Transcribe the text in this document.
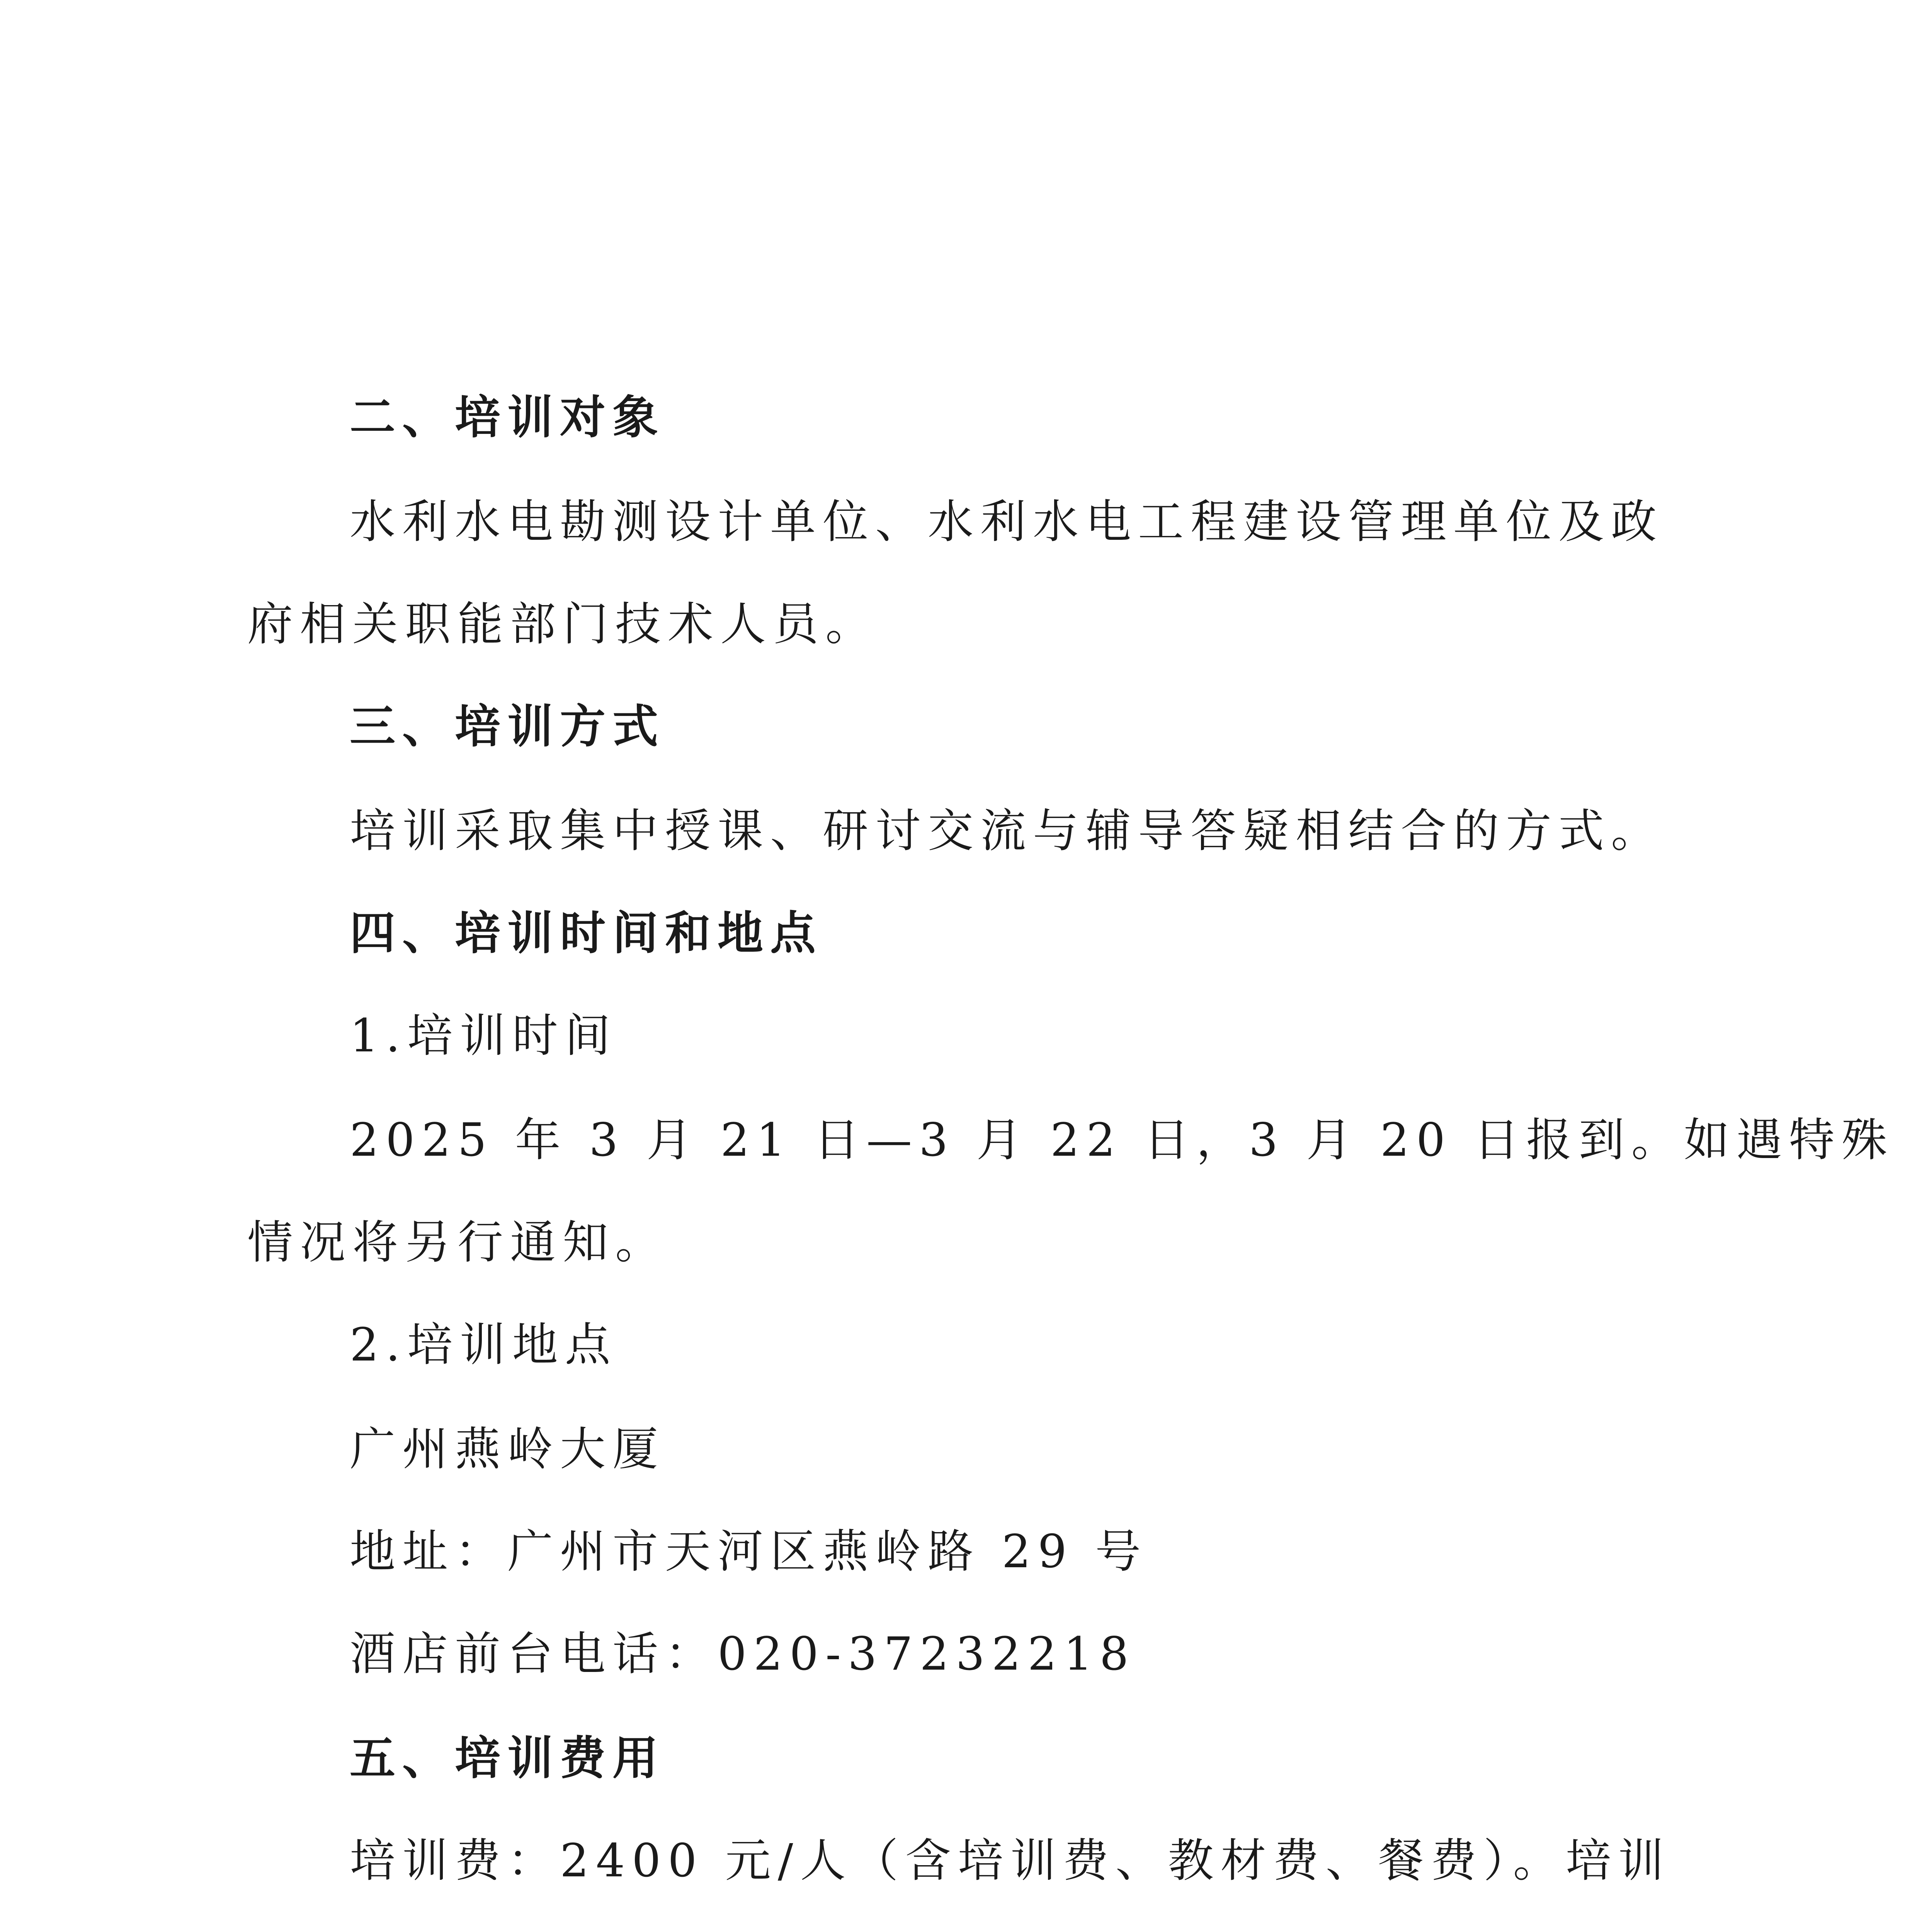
二、培训对象
水利水电勘测设计单位、水利水电工程建设管理单位及政
府相关职能部门技术人员。
三、培训方式
培训采取集中授课、研讨交流与辅导答疑相结合的方式。
四、培训时间和地点
1.培训时间
2025 年 3 月 21 日—3 月 22 日，3 月 20 日报到。如遇特殊
情况将另行通知。
2.培训地点
广州燕岭大厦
地址：广州市天河区燕岭路 29 号
酒店前台电话：020-37232218
五、培训费用
培训费：2400 元/人（含培训费、教材费、餐费）。培训
